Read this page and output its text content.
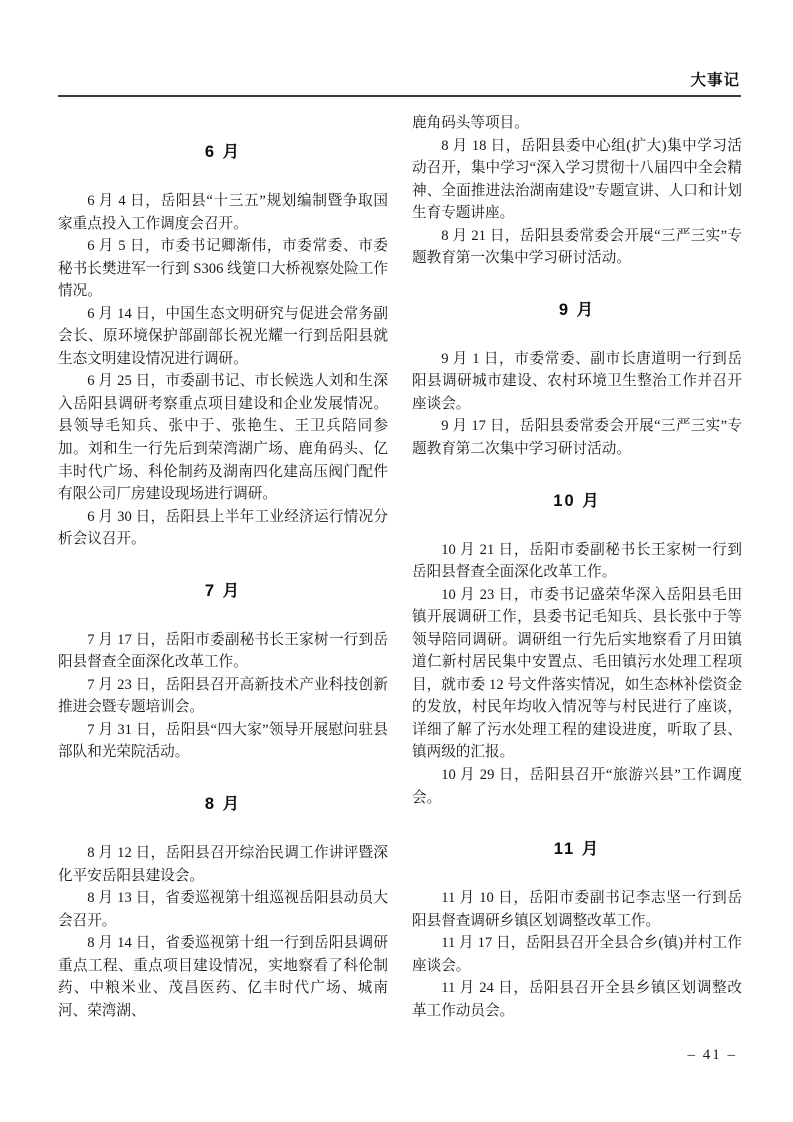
大事记
6 月
6 月 4 日，岳阳县“十三五”规划编制暨争取国家重点投入工作调度会召开。
6 月 5 日，市委书记卿渐伟，市委常委、市委秘书长樊进军一行到 S306 线筻口大桥视察处险工作情况。
6 月 14 日，中国生态文明研究与促进会常务副会长、原环境保护部副部长祝光耀一行到岳阳县就生态文明建设情况进行调研。
6 月 25 日，市委副书记、市长候选人刘和生深入岳阳县调研考察重点项目建设和企业发展情况。县领导毛知兵、张中于、张艳生、王卫兵陪同参加。刘和生一行先后到荣湾湖广场、鹿角码头、亿丰时代广场、科伦制药及湖南四化建高压阀门配件有限公司厂房建设现场进行调研。
6 月 30 日，岳阳县上半年工业经济运行情况分析会议召开。
7 月
7 月 17 日，岳阳市委副秘书长王家树一行到岳阳县督查全面深化改革工作。
7 月 23 日，岳阳县召开高新技术产业科技创新推进会暨专题培训会。
7 月 31 日，岳阳县“四大家”领导开展慰问驻县部队和光荣院活动。
8 月
8 月 12 日，岳阳县召开综治民调工作讲评暨深化平安岳阳县建设会。
8 月 13 日，省委巡视第十组巡视岳阳县动员大会召开。
8 月 14 日，省委巡视第十组一行到岳阳县调研重点工程、重点项目建设情况，实地察看了科伦制药、中粮米业、茂昌医药、亿丰时代广场、城南河、荣湾湖、
鹿角码头等项目。
8 月 18 日，岳阳县委中心组(扩大)集中学习活动召开，集中学习“深入学习贯彻十八届四中全会精神、全面推进法治湖南建设”专题宣讲、人口和计划生育专题讲座。
8 月 21 日，岳阳县委常委会开展“三严三实”专题教育第一次集中学习研讨活动。
9 月
9 月 1 日，市委常委、副市长唐道明一行到岳阳县调研城市建设、农村环境卫生整治工作并召开座谈会。
9 月 17 日，岳阳县委常委会开展“三严三实”专题教育第二次集中学习研讨活动。
10 月
10 月 21 日，岳阳市委副秘书长王家树一行到岳阳县督查全面深化改革工作。
10 月 23 日，市委书记盛荣华深入岳阳县毛田镇开展调研工作，县委书记毛知兵、县长张中于等领导陪同调研。调研组一行先后实地察看了月田镇道仁新村居民集中安置点、毛田镇污水处理工程项目，就市委 12 号文件落实情况，如生态林补偿资金的发放，村民年均收入情况等与村民进行了座谈，详细了解了污水处理工程的建设进度，听取了县、镇两级的汇报。
10 月 29 日，岳阳县召开“旅游兴县”工作调度会。
11 月
11 月 10 日，岳阳市委副书记李志坚一行到岳阳县督查调研乡镇区划调整改革工作。
11 月 17 日，岳阳县召开全县合乡(镇)并村工作座谈会。
11 月 24 日，岳阳县召开全县乡镇区划调整改革工作动员会。
– 41 –
